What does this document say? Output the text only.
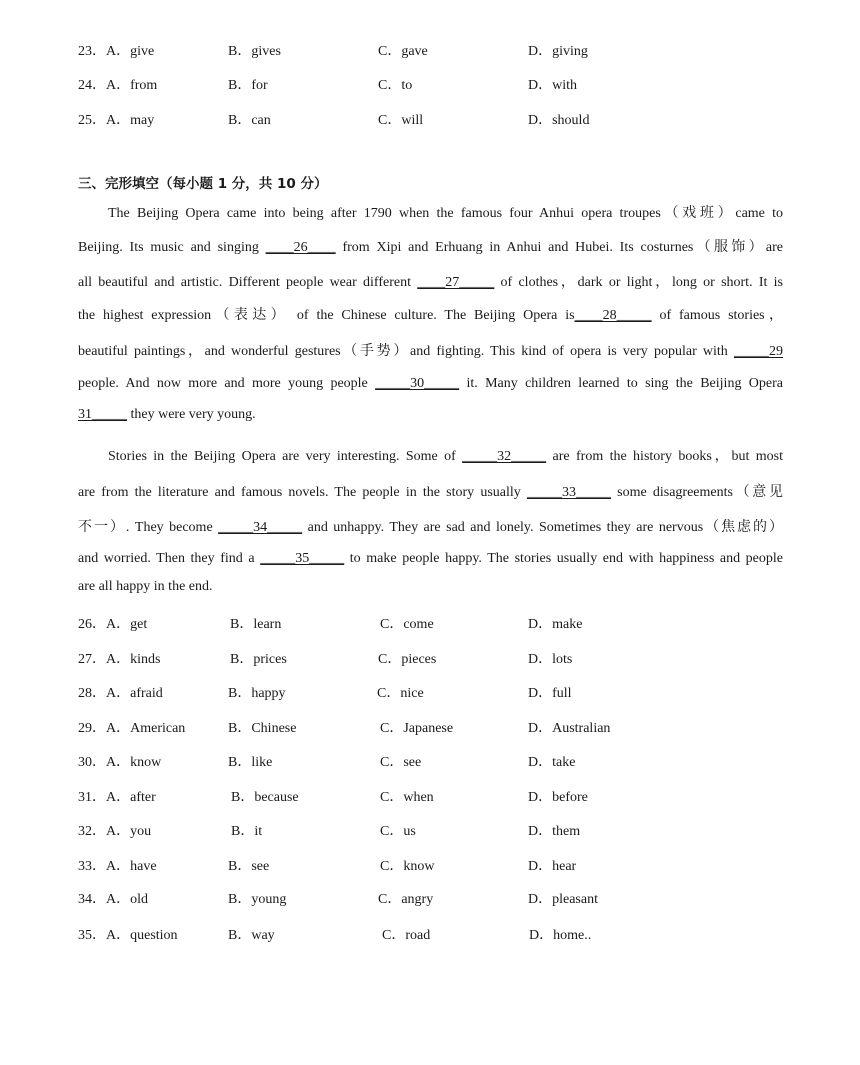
23．A．give	B．gives	C．gave	D．giving
24．A．from	B．for	C．to	D．with
25．A．may	B．can	C．will	D．should
三、完形填空（每小题 1 分，共 10 分）
The Beijing Opera came into being after 1790 when the famous four Anhui opera troupes（戏班）came to
Beijing. Its music and singing ____26____ from Xipi and Erhuang in Anhui and Hubei. Its costurnes（服饰）are
all beautiful and artistic. Different people wear different ____27_____ of clothes，dark or light，long or short. It is
the highest expression（表达） of the Chinese culture. The Beijing Opera is____28_____ of famous stories，
beautiful paintings，and wonderful gestures（手势）and fighting. This kind of opera is very popular with _____29
people. And now more and more young people _____30_____ it. Many children learned to sing the Beijing Opera
31_____ they were very young.
Stories in the Beijing Opera are very interesting. Some of _____32_____ are from the history books，but most
are from the literature and famous novels. The people in the story usually _____33_____ some disagreements（意见
不一）. They become _____34_____ and unhappy. They are sad and lonely. Sometimes they are nervous（焦虑的）
and worried. Then they find a _____35_____ to make people happy. The stories usually end with happiness and people
are all happy in the end.
26．A．get	B．learn	C．come	D．make
27．A．kinds	B．prices	C．pieces	D．lots
28．A．afraid	B．happy	C．nice	D．full
29．A．American	B．Chinese	C．Japanese	D．Australian
30．A．know	B．like	C．see	D．take
31．A．after	B．because	C．when	D．before
32．A．you	B．it	C．us	D．them
33．A．have	B．see	C．know	D．hear
34．A．old	B．young	C．angry	D．pleasant
35．A．question	B．way	C．road	D．home..
